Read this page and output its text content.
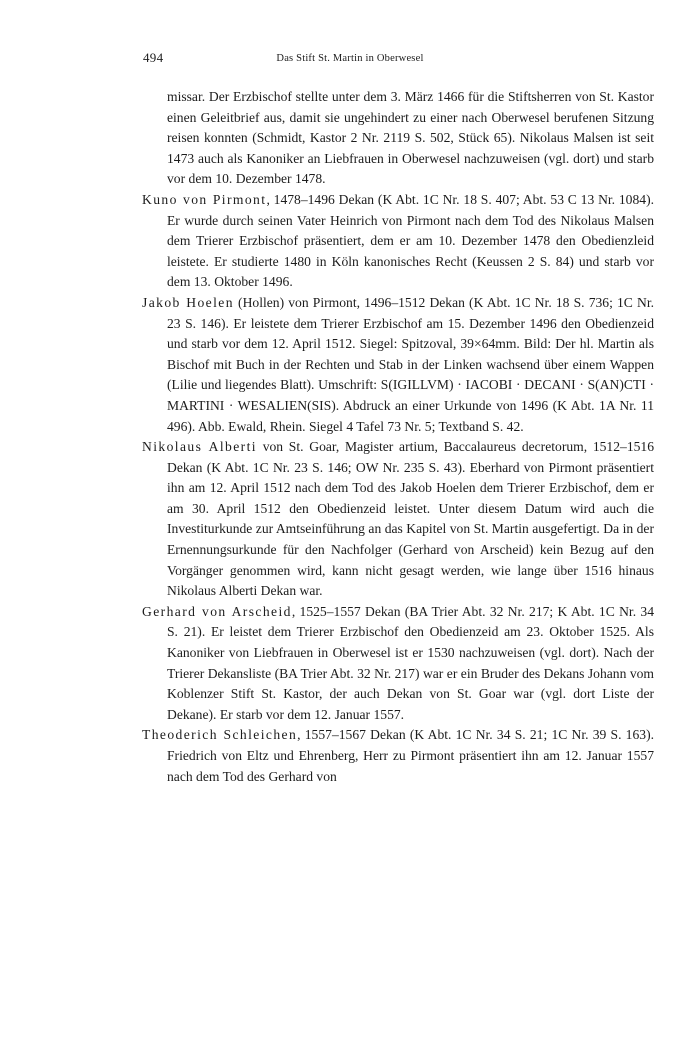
494	Das Stift St. Martin in Oberwesel

missar. Der Erzbischof stellte unter dem 3. März 1466 für die Stiftsherren von St. Kastor einen Geleitbrief aus, damit sie ungehindert zu einer nach Oberwesel berufenen Sitzung reisen konnten (Schmidt, Kastor 2 Nr. 2119 S. 502, Stück 65). Nikolaus Malsen ist seit 1473 auch als Kanoniker an Liebfrauen in Oberwesel nachzuweisen (vgl. dort) und starb vor dem 10. Dezember 1478.

Kuno von Pirmont, 1478–1496 Dekan (K Abt. 1C Nr. 18 S. 407; Abt. 53 C 13 Nr. 1084). Er wurde durch seinen Vater Heinrich von Pirmont nach dem Tod des Nikolaus Malsen dem Trierer Erzbischof präsentiert, dem er am 10. Dezember 1478 den Obedienzleid leistete. Er studierte 1480 in Köln kanonisches Recht (Keussen 2 S. 84) und starb vor dem 13. Oktober 1496.

Jakob Hoelen (Hollen) von Pirmont, 1496–1512 Dekan (K Abt. 1C Nr. 18 S. 736; 1C Nr. 23 S. 146). Er leistete dem Trierer Erzbischof am 15. Dezember 1496 den Obedienzeid und starb vor dem 12. April 1512. Siegel: Spitzoval, 39×64mm. Bild: Der hl. Martin als Bischof mit Buch in der Rechten und Stab in der Linken wachsend über einem Wappen (Lilie und liegendes Blatt). Umschrift: S(IGILLVM) · IACOBI · DECANI · S(AN)CTI · MARTINI · WESALIEN(SIS). Abdruck an einer Urkunde von 1496 (K Abt. 1A Nr. 11 496). Abb. Ewald, Rhein. Siegel 4 Tafel 73 Nr. 5; Textband S. 42.

Nikolaus Alberti von St. Goar, Magister artium, Baccalaureus decretorum, 1512–1516 Dekan (K Abt. 1C Nr. 23 S. 146; OW Nr. 235 S. 43). Eberhard von Pirmont präsentiert ihn am 12. April 1512 nach dem Tod des Jakob Hoelen dem Trierer Erzbischof, dem er am 30. April 1512 den Obedienzeid leistet. Unter diesem Datum wird auch die Investiturkunde zur Amtseinführung an das Kapitel von St. Martin ausgefertigt. Da in der Ernennungsurkunde für den Nachfolger (Gerhard von Arscheid) kein Bezug auf den Vorgänger genommen wird, kann nicht gesagt werden, wie lange über 1516 hinaus Nikolaus Alberti Dekan war.

Gerhard von Arscheid, 1525–1557 Dekan (BA Trier Abt. 32 Nr. 217; K Abt. 1C Nr. 34 S. 21). Er leistet dem Trierer Erzbischof den Obedienzeid am 23. Oktober 1525. Als Kanoniker von Liebfrauen in Oberwesel ist er 1530 nachzuweisen (vgl. dort). Nach der Trierer Dekansliste (BA Trier Abt. 32 Nr. 217) war er ein Bruder des Dekans Johann vom Koblenzer Stift St. Kastor, der auch Dekan von St. Goar war (vgl. dort Liste der Dekane). Er starb vor dem 12. Januar 1557.

Theoderich Schleichen, 1557–1567 Dekan (K Abt. 1C Nr. 34 S. 21; 1C Nr. 39 S. 163). Friedrich von Eltz und Ehrenberg, Herr zu Pirmont präsentiert ihn am 12. Januar 1557 nach dem Tod des Gerhard von
